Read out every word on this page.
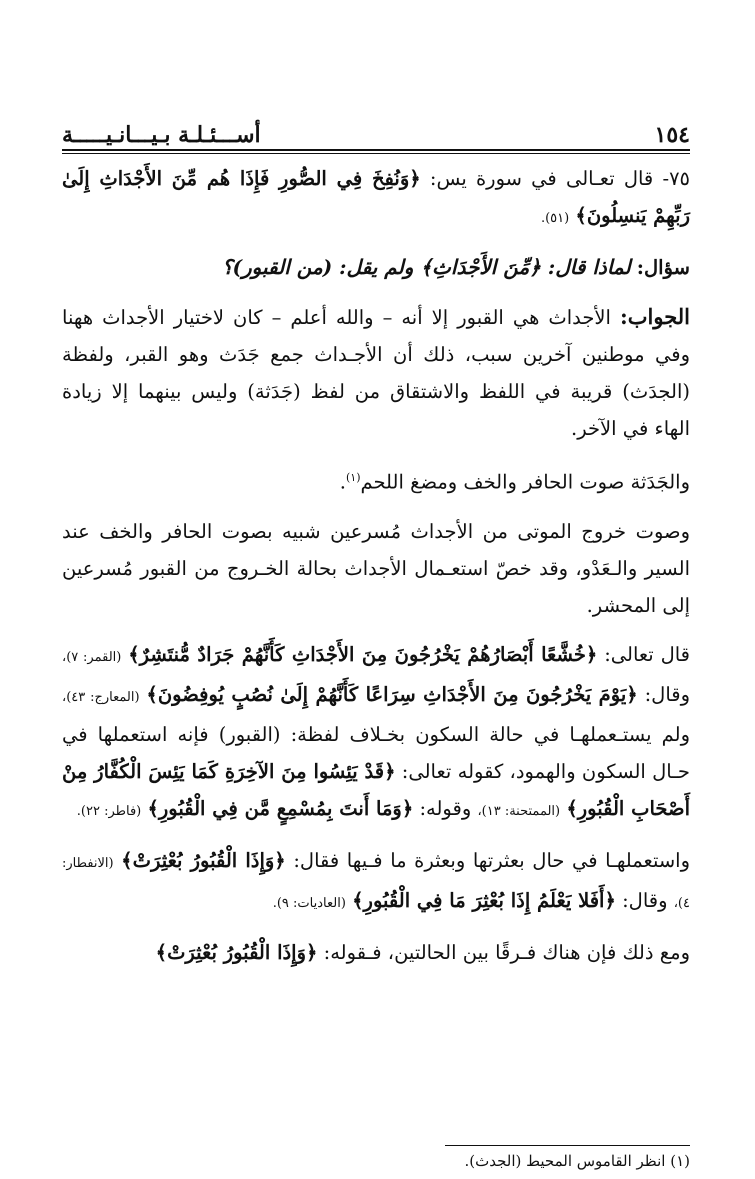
١٥٤
أســـئـلـة بـيـــانـيـــــة

٧٥- قال تعـالى في سورة يس: ﴿وَنُفِخَ فِي الصُّورِ فَإِذَا هُم مِّنَ الأَجْدَاثِ إِلَىٰ رَبِّهِمْ يَنسِلُونَ﴾ (٥١).

سؤال: لماذا قال: ﴿مِّنَ الأَجْدَاثِ﴾ ولم يقل: (من القبور)؟

الجواب: الأجداث هي القبور إلا أنه – والله أعلم – كان لاختيار الأجداث ههنا وفي موطنين آخرين سبب، ذلك أن الأجـداث جمع جَدَث وهو القبر، ولفظة (الجدَث) قريبة في اللفظ والاشتقاق من لفظ (جَدَثة) وليس بينهما إلا زيادة الهاء في الآخر.

والجَدَثة صوت الحافر والخف ومضغ اللحم$^{(١)}$.

وصوت خروج الموتى من الأجداث مُسرعين شبيه بصوت الحافر والخف عند السير والـعَدْو، وقد خصّ استعـمال الأجداث بحالة الخـروج من القبور مُسرعين إلى المحشر.

قال تعالى: ﴿خُشَّعًا أَبْصَارُهُمْ يَخْرُجُونَ مِنَ الأَجْدَاثِ كَأَنَّهُمْ جَرَادٌ مُّنتَشِرٌ﴾ (القمر: ٧)، وقال: ﴿يَوْمَ يَخْرُجُونَ مِنَ الأَجْدَاثِ سِرَاعًا كَأَنَّهُمْ إِلَىٰ نُصُبٍ يُوفِضُونَ﴾ (المعارج: ٤٣)، ولم يستـعملهـا في حالة السكون بخـلاف لفظة: (القبور) فإنه استعملها في حـال السكون والهمود، كقوله تعالى: ﴿قَدْ يَئِسُوا مِنَ الآخِرَةِ كَمَا يَئِسَ الْكُفَّارُ مِنْ أَصْحَابِ الْقُبُورِ﴾ (الممتحنة: ١٣)، وقوله: ﴿وَمَا أَنتَ بِمُسْمِعٍ مَّن فِي الْقُبُورِ﴾ (فاطر: ٢٢).

واستعملهـا في حال بعثرتها وبعثرة ما فـيها فقال: ﴿وَإِذَا الْقُبُورُ بُعْثِرَتْ﴾ (الانفطار: ٤)، وقال: ﴿أَفَلا يَعْلَمُ إِذَا بُعْثِرَ مَا فِي الْقُبُورِ﴾ (العاديات: ٩).

ومع ذلك فإن هناك فـرقًا بين الحالتين، فـقوله: ﴿وَإِذَا الْقُبُورُ بُعْثِرَتْ﴾

(١) انظر القاموس المحيط (الجدث).
